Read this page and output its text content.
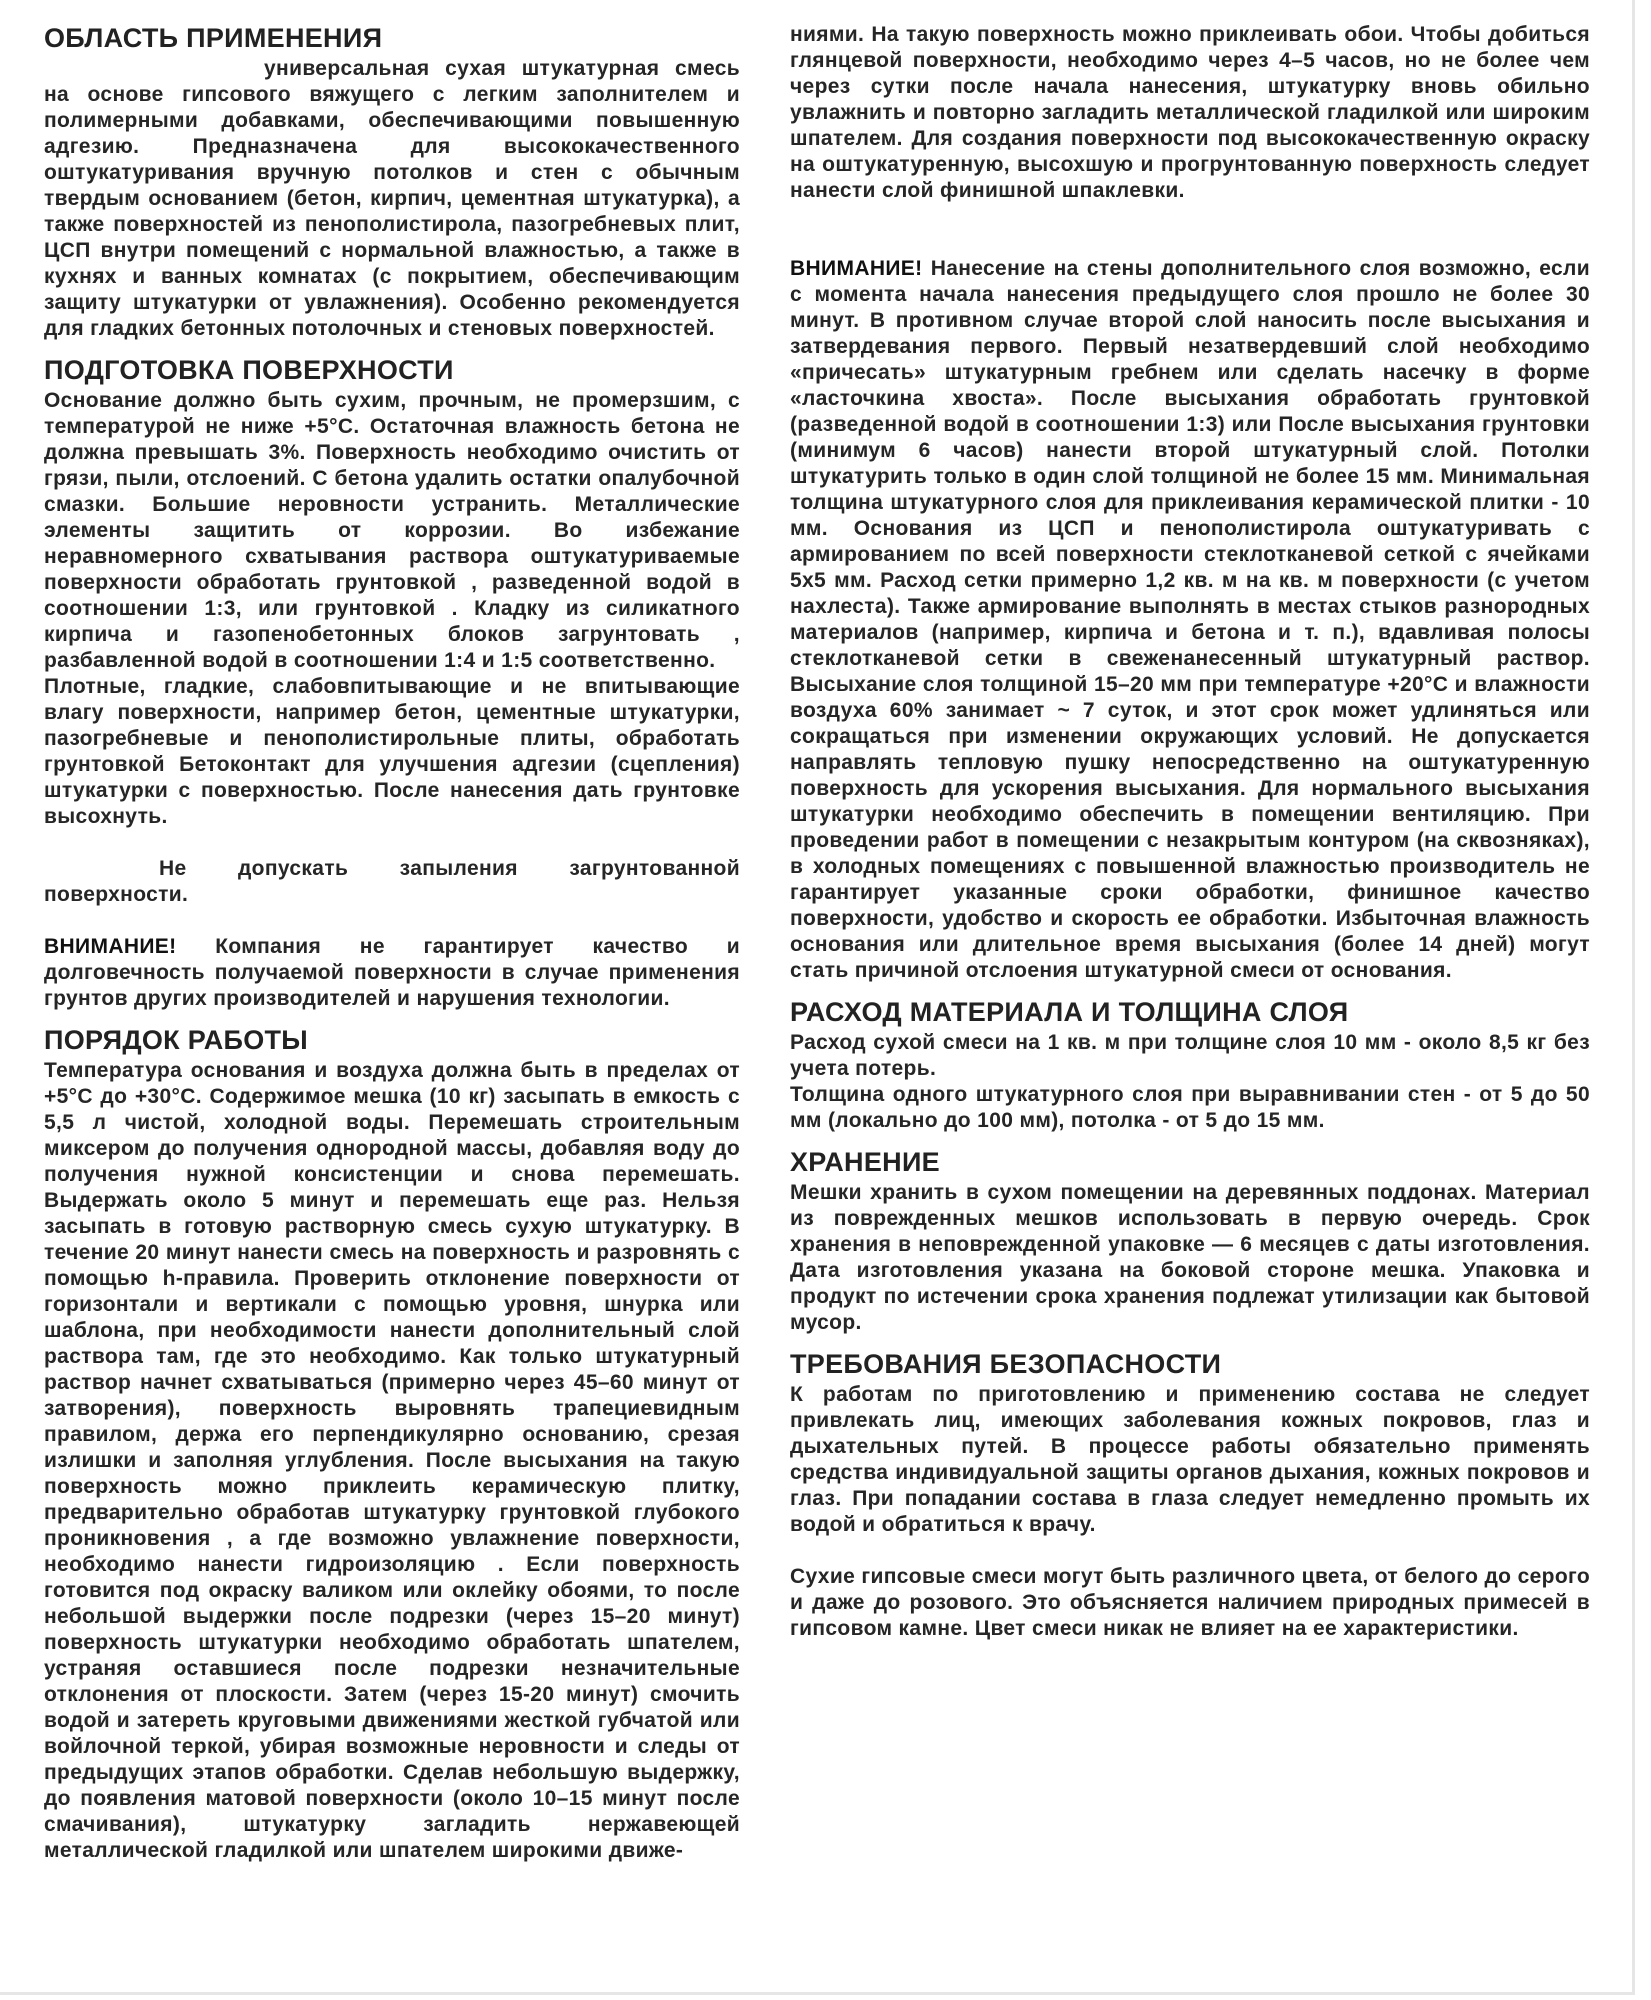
ОБЛАСТЬ ПРИМЕНЕНИЯ

универсальная сухая штукатурная смесь на основе гипсового вяжущего с легким заполнителем и полимерными добавками, обеспечивающими повышенную адгезию. Предназначена для высококачественного оштукатуривания вручную потолков и стен с обычным твердым основанием (бетон, кирпич, цементная штукатурка), а также поверхностей из пенополистирола, пазогребневых плит, ЦСП внутри помещений с нормальной влажностью, а также в кухнях и ванных комнатах (с покрытием, обеспечивающим защиту штукатурки от увлажнения). Особенно рекомендуется для гладких бетонных потолочных и стеновых поверхностей.

ПОДГОТОВКА ПОВЕРХНОСТИ

Основание должно быть сухим, прочным, не промерзшим, с температурой не ниже +5°С. Остаточная влажность бетона не должна превышать 3%. Поверхность необходимо очистить от грязи, пыли, отслоений. С бетона удалить остатки опалубочной смазки. Большие неровности устранить. Металлические элементы защитить от коррозии. Во избежание неравномерного схватывания раствора оштукатуриваемые поверхности обработать грунтовкой , разведенной водой в соотношении 1:3, или грунтовкой . Кладку из силикатного кирпича и газопенобетонных блоков загрунтовать , разбавленной водой в соотношении 1:4 и 1:5 соответственно.

Плотные, гладкие, слабовпитывающие и не впитывающие влагу поверхности, например бетон, цементные штукатурки, пазогребневые и пенополистирольные плиты, обработать грунтовкой Бетоконтакт для улучшения адгезии (сцепления) штукатурки с поверхностью. После нанесения дать грунтовке высохнуть.

Не допускать запыления загрунтованной поверхности.

ВНИМАНИЕ! Компания не гарантирует качество и долговечность получаемой поверхности в случае применения грунтов других производителей и нарушения технологии.

ПОРЯДОК РАБОТЫ

Температура основания и воздуха должна быть в пределах от +5°С до +30°С. Содержимое мешка (10 кг) засыпать в емкость с 5,5 л чистой, холодной воды. Перемешать строительным миксером до получения однородной массы, добавляя воду до получения нужной консистенции и снова перемешать. Выдержать около 5 минут и перемешать еще раз. Нельзя засыпать в готовую растворную смесь сухую штукатурку. В течение 20 минут нанести смесь на поверхность и разровнять с помощью h-правила. Проверить отклонение поверхности от горизонтали и вертикали с помощью уровня, шнурка или шаблона, при необходимости нанести дополнительный слой раствора там, где это необходимо. Как только штукатурный раствор начнет схватываться (примерно через 45–60 минут от затворения), поверхность выровнять трапециевидным правилом, держа его перпендикулярно основанию, срезая излишки и заполняя углубления. После высыхания на такую поверхность можно приклеить керамическую плитку, предварительно обработав штукатурку грунтовкой глубокого проникновения , а где возможно увлажнение поверхности, необходимо нанести гидроизоляцию . Если поверхность готовится под окраску валиком или оклейку обоями, то после небольшой выдержки после подрезки (через 15–20 минут) поверхность штукатурки необходимо обработать шпателем, устраняя оставшиеся после подрезки незначительные отклонения от плоскости. Затем (через 15-20 минут) смочить водой и затереть круговыми движениями жесткой губчатой или войлочной теркой, убирая возможные неровности и следы от предыдущих этапов обработки. Сделав небольшую выдержку, до появления матовой поверхности (около 10–15 минут после смачивания), штукатурку загладить нержавеющей металлической гладилкой или шпателем широкими движе-

ниями. На такую поверхность можно приклеивать обои. Чтобы добиться глянцевой поверхности, необходимо через 4–5 часов, но не более чем через сутки после начала нанесения, штукатурку вновь обильно увлажнить и повторно загладить металлической гладилкой или широким шпателем. Для создания поверхности под высококачественную окраску на оштукатуренную, высохшую и прогрунтованную поверхность следует нанести слой финишной шпаклевки.

ВНИМАНИЕ! Нанесение на стены дополнительного слоя возможно, если с момента начала нанесения предыдущего слоя прошло не более 30 минут. В противном случае второй слой наносить после высыхания и затвердевания первого. Первый незатвердевший слой необходимо «причесать» штукатурным гребнем или сделать насечку в форме «ласточкина хвоста». После высыхания обработать грунтовкой (разведенной водой в соотношении 1:3) или После высыхания грунтовки (минимум 6 часов) нанести второй штукатурный слой. Потолки штукатурить только в один слой толщиной не более 15 мм. Минимальная толщина штукатурного слоя для приклеивания керамической плитки - 10 мм. Основания из ЦСП и пенополистирола оштукатуривать с армированием по всей поверхности стеклотканевой сеткой с ячейками 5х5 мм. Расход сетки примерно 1,2 кв. м на кв. м поверхности (с учетом нахлеста). Также армирование выполнять в местах стыков разнородных материалов (например, кирпича и бетона и т. п.), вдавливая полосы стеклотканевой сетки в свеженанесенный штукатурный раствор. Высыхание слоя толщиной 15–20 мм при температуре +20°С и влажности воздуха 60% занимает ~ 7 суток, и этот срок может удлиняться или сокращаться при изменении окружающих условий. Не допускается направлять тепловую пушку непосредственно на оштукатуренную поверхность для ускорения высыхания. Для нормального высыхания штукатурки необходимо обеспечить в помещении вентиляцию. При проведении работ в помещении с незакрытым контуром (на сквозняках), в холодных помещениях с повышенной влажностью производитель не гарантирует указанные сроки обработки, финишное качество поверхности, удобство и скорость ее обработки. Избыточная влажность основания или длительное время высыхания (более 14 дней) могут стать причиной отслоения штукатурной смеси от основания.

РАСХОД МАТЕРИАЛА И ТОЛЩИНА СЛОЯ

Расход сухой смеси на 1 кв. м при толщине слоя 10 мм - около 8,5 кг без учета потерь.

Толщина одного штукатурного слоя при выравнивании стен - от 5 до 50 мм (локально до 100 мм), потолка - от 5 до 15 мм.

ХРАНЕНИЕ

Мешки хранить в сухом помещении на деревянных поддонах. Материал из поврежденных мешков использовать в первую очередь. Срок хранения в неповрежденной упаковке — 6 месяцев с даты изготовления. Дата изготовления указана на боковой стороне мешка. Упаковка и продукт по истечении срока хранения подлежат утилизации как бытовой мусор.

ТРЕБОВАНИЯ БЕЗОПАСНОСТИ

К работам по приготовлению и применению состава не следует привлекать лиц, имеющих заболевания кожных покровов, глаз и дыхательных путей. В процессе работы обязательно применять средства индивидуальной защиты органов дыхания, кожных покровов и глаз. При попадании состава в глаза следует немедленно промыть их водой и обратиться к врачу.

Сухие гипсовые смеси могут быть различного цвета, от белого до серого и даже до розового. Это объясняется наличием природных примесей в гипсовом камне. Цвет смеси никак не влияет на ее характеристики.
